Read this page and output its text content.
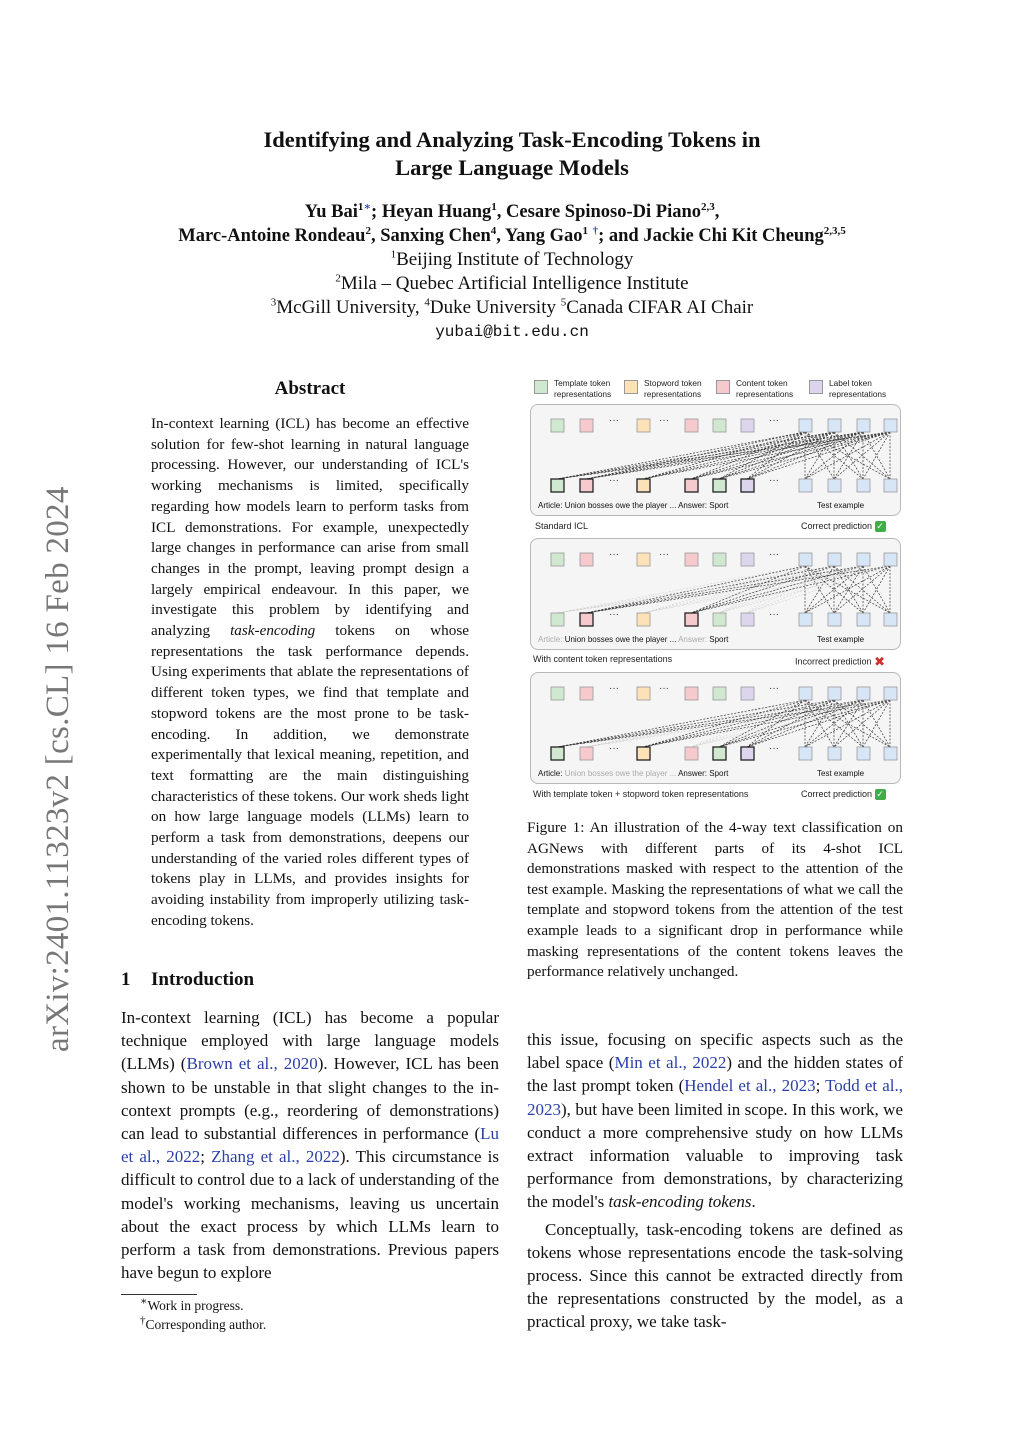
Identifying and Analyzing Task-Encoding Tokens in
Large Language Models
Yu Bai$^{1∗}$; Heyan Huang$^1$, Cesare Spinoso-Di Piano$^{2,3}$,
Marc-Antoine Rondeau$^2$, Sanxing Chen$^4$, Yang Gao$^1$ †; and Jackie Chi Kit Cheung$^{2,3,5}$
$^1$Beijing Institute of Technology
$^2$Mila – Quebec Artificial Intelligence Institute
$^3$McGill University, $^4$Duke University $^5$Canada CIFAR AI Chair
yubai@bit.edu.cn
arXiv:2401.11323v2 [cs.CL] 16 Feb 2024
Abstract
In-context learning (ICL) has become an effective solution for few-shot learning in natural language processing. However, our understanding of ICL's working mechanisms is limited, specifically regarding how models learn to perform tasks from ICL demonstrations. For example, unexpectedly large changes in performance can arise from small changes in the prompt, leaving prompt design a largely empirical endeavour. In this paper, we investigate this problem by identifying and analyzing task-encoding tokens on whose representations the task performance depends. Using experiments that ablate the representations of different token types, we find that template and stopword tokens are the most prone to be task-encoding. In addition, we demonstrate experimentally that lexical meaning, repetition, and text formatting are the main distinguishing characteristics of these tokens. Our work sheds light on how large language models (LLMs) learn to perform a task from demonstrations, deepens our understanding of the varied roles different types of tokens play in LLMs, and provides insights for avoiding instability from improperly utilizing task-encoding tokens.
1 Introduction
In-context learning (ICL) has become a popular technique employed with large language models (LLMs) (Brown et al., 2020). However, ICL has been shown to be unstable in that slight changes to the in-context prompts (e.g., reordering of demonstrations) can lead to substantial differences in performance (Lu et al., 2022; Zhang et al., 2022). This circumstance is difficult to control due to a lack of understanding of the model's working mechanisms, leaving us uncertain about the exact process by which LLMs learn to perform a task from demonstrations. Previous papers have begun to explore
∗Work in progress.
†Corresponding author.
Template token
representations
Stopword token
representations
Content token
representations
Label token
representations
···	···	···
···	···
Article: Union bosses owe the player ... Answer: Sport	Test example
···	···	···
···	···
Article: Union bosses owe the player ... Answer: Sport	Test example
···	···	···
···	···
Article: Union bosses owe the player ... Answer: Sport	Test example
Standard ICL	Correct prediction ✓
With content token representations	Incorrect prediction ✖
With template token + stopword token representations	Correct prediction ✓
Figure 1: An illustration of the 4-way text classification on AGNews with different parts of its 4-shot ICL demonstrations masked with respect to the attention of the test example. Masking the representations of what we call the template and stopword tokens from the attention of the test example leads to a significant drop in performance while masking representations of the content tokens leaves the performance relatively unchanged.

this issue, focusing on specific aspects such as the label space (Min et al., 2022) and the hidden states of the last prompt token (Hendel et al., 2023; Todd et al., 2023), but have been limited in scope. In this work, we conduct a more comprehensive study on how LLMs extract information valuable to improving task performance from demonstrations, by characterizing the model's task-encoding tokens.

Conceptually, task-encoding tokens are defined as tokens whose representations encode the task-solving process. Since this cannot be extracted directly from the representations constructed by the model, as a practical proxy, we take task-
